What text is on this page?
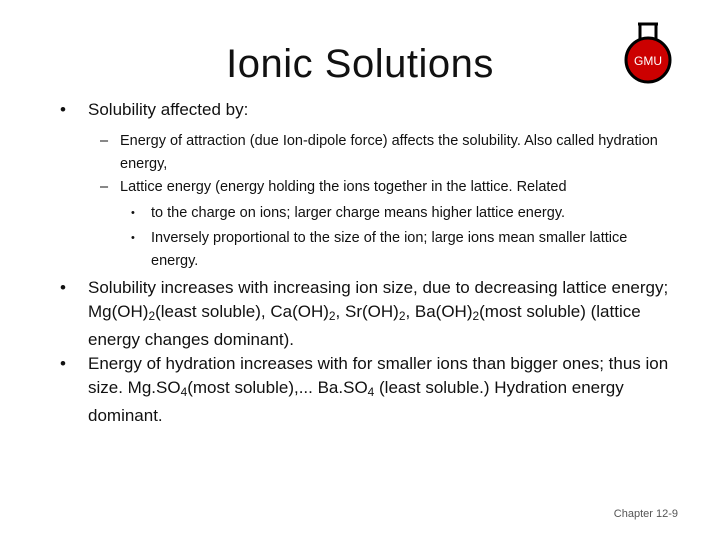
Ionic Solutions	GMU
• Solubility affected by:
– Energy of attraction (due Ion-dipole force) affects the solubility. Also called hydration energy,
– Lattice energy (energy holding the ions together in the lattice. Related
• to the charge on ions; larger charge means higher lattice energy.
• Inversely proportional to the size of the ion; large ions mean smaller lattice energy.
• Solubility increases with increasing ion size, due to decreasing lattice energy; $Mg(OH)_2(least$ soluble), $Ca(OH)_2$, $Sr(OH)_2$, $Ba(OH)_2(most$ soluble) (lattice energy changes dominant).
• Energy of hydration increases with for smaller ions than bigger ones; thus ion size. $Mg.SO_4(most$ soluble),... $Ba.SO_4$ (least soluble.) Hydration energy dominant.
Chapter 12-9
